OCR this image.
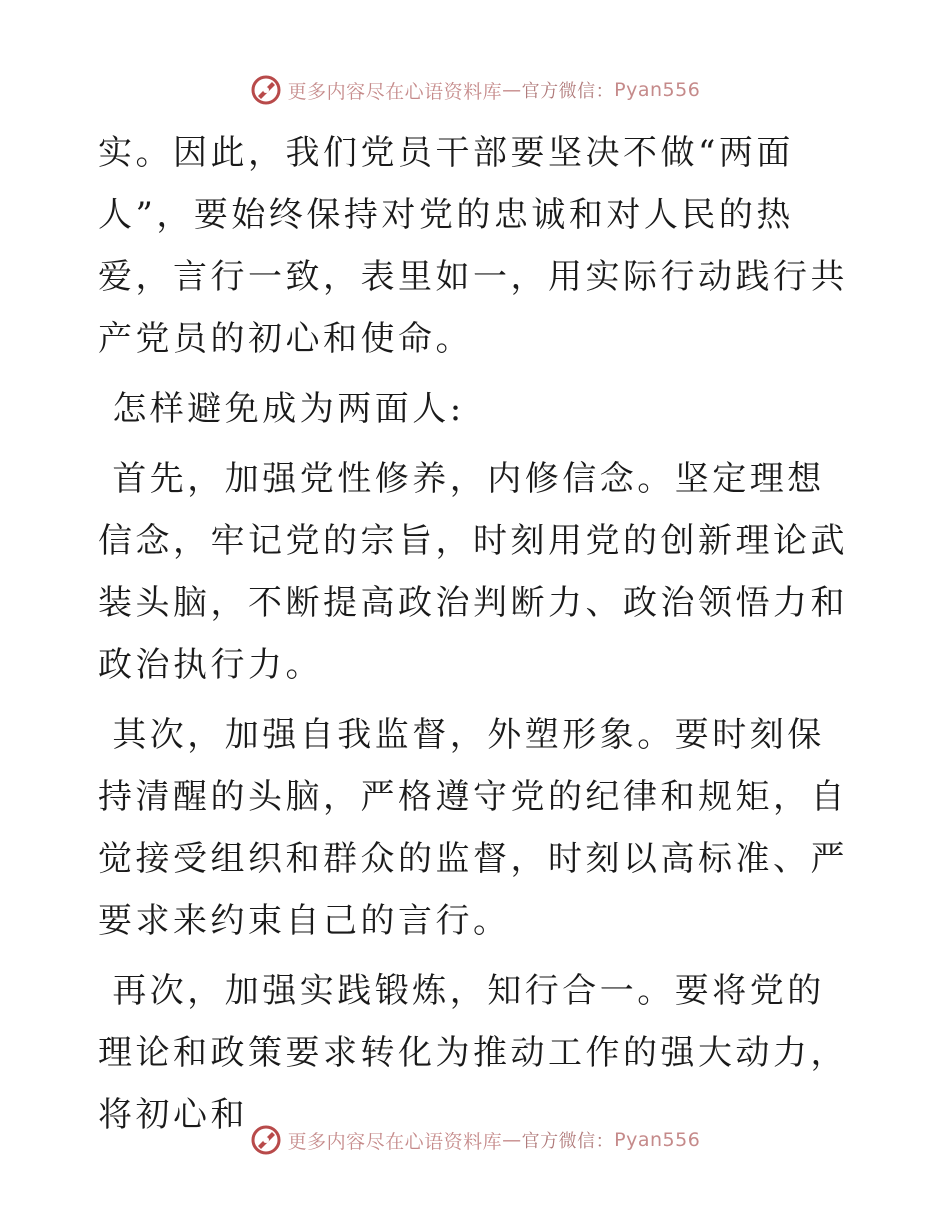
更多内容尽在心语资料库 — 官方微信： Pyan556

实。因此，我们党员干部要坚决不做“两面人”，要始终保持对党的忠诚和对人民的热爱，言行一致，表里如一，用实际行动践行共产党员的初心和使命。

怎样避免成为两面人:

首先，加强党性修养，内修信念。坚定理想信念，牢记党的宗旨，时刻用党的创新理论武装头脑，不断提高政治判断力、政治领悟力和政治执行力。

其次，加强自我监督，外塑形象。要时刻保持清醒的头脑，严格遵守党的纪律和规矩，自觉接受组织和群众的监督，时刻以高标准、严要求来约束自己的言行。

再次，加强实践锻炼，知行合一。要将党的理论和政策要求转化为推动工作的强大动力，将初心和

更多内容尽在心语资料库 — 官方微信： Pyan556
